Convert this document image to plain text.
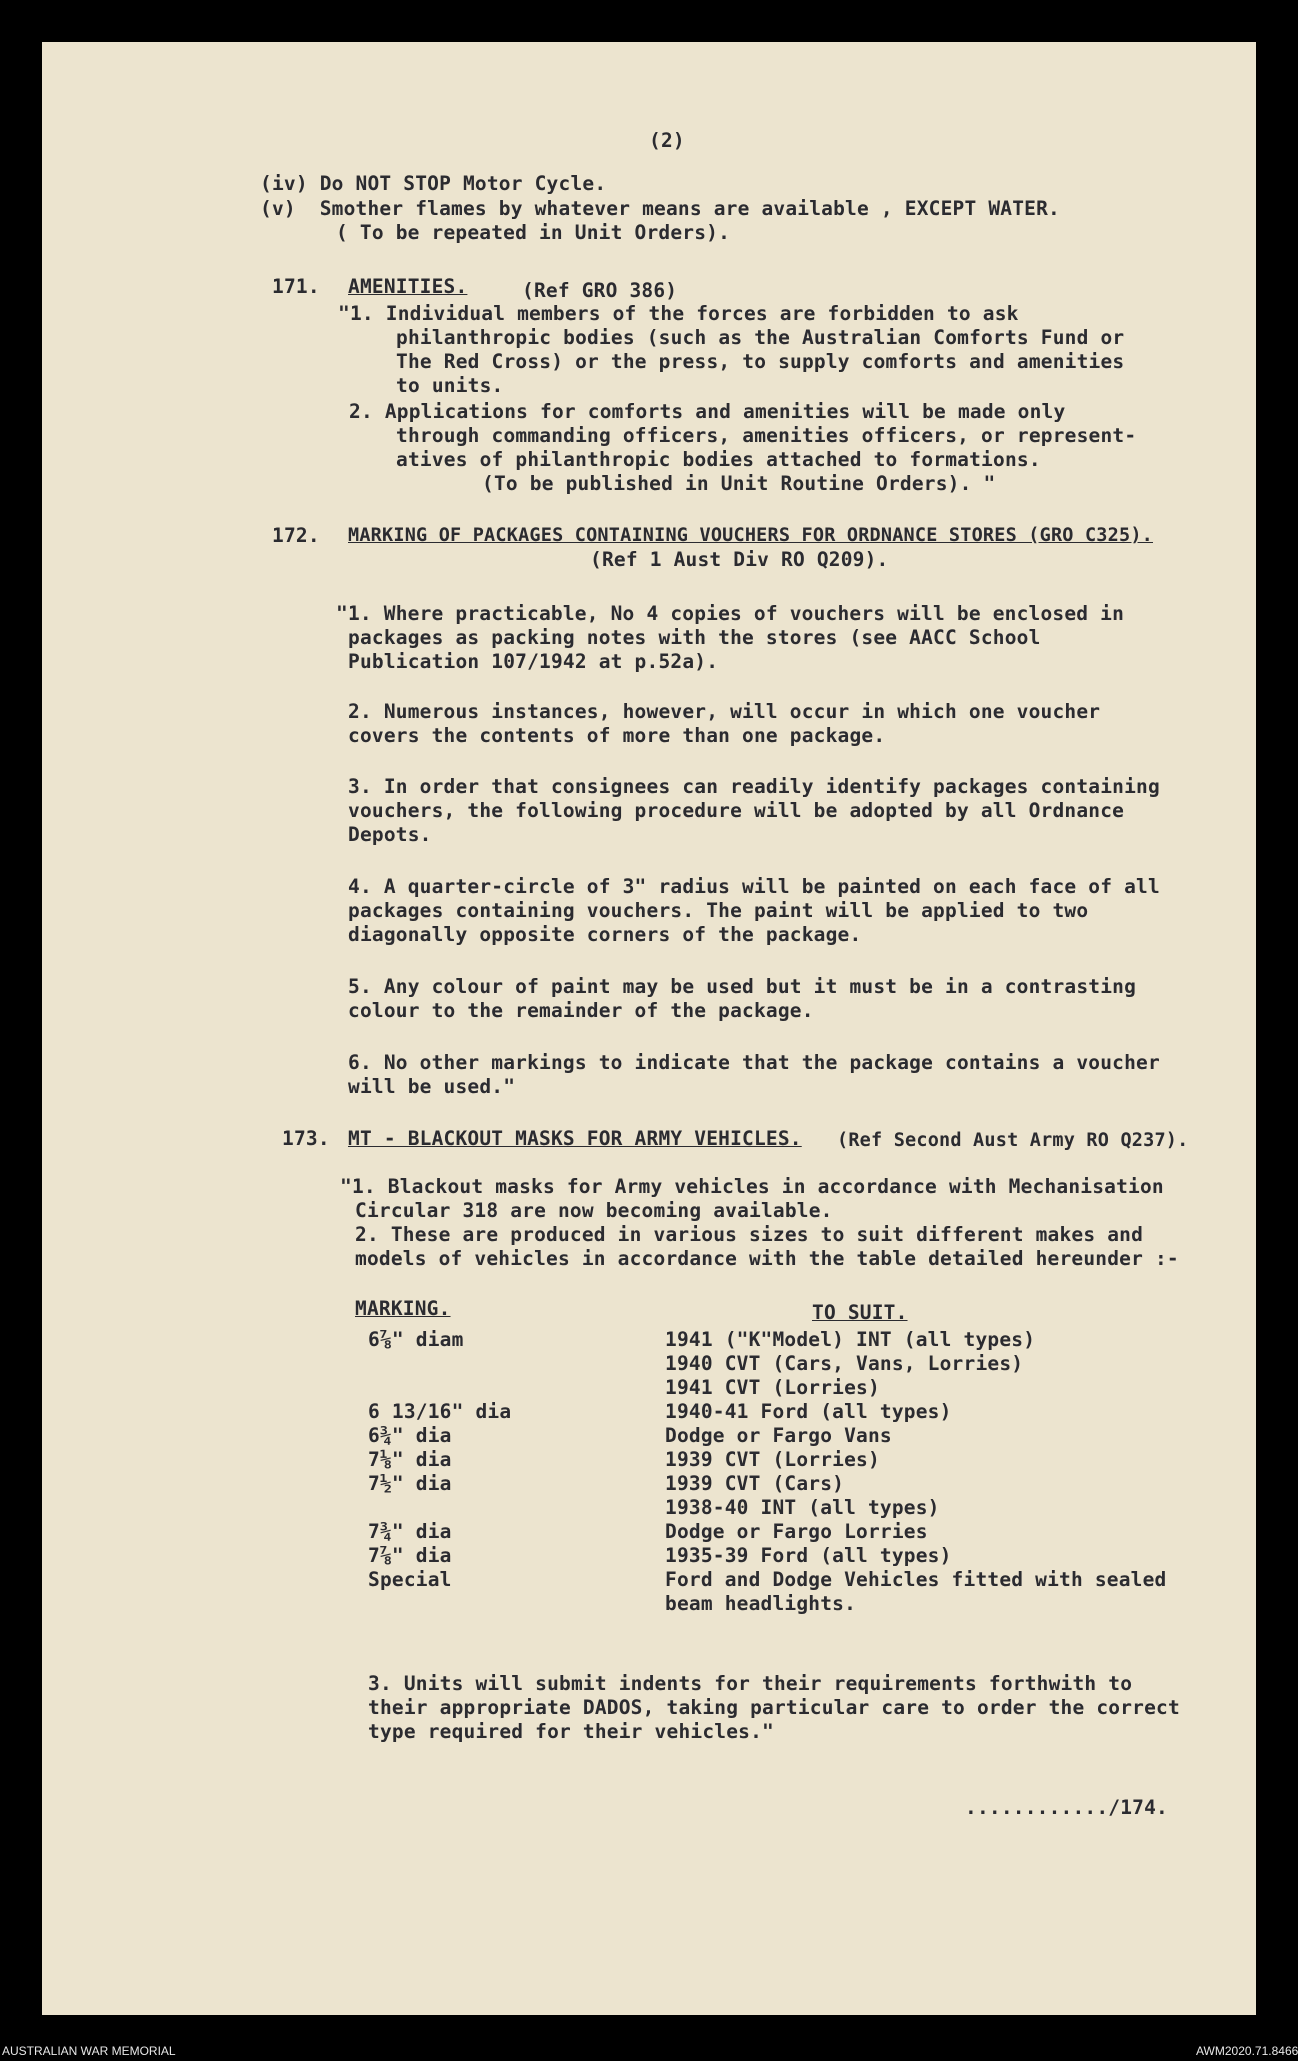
(2)
(iv) Do NOT STOP Motor Cycle.
(v)  Smother flames by whatever means are available , EXCEPT WATER.
( To be repeated in Unit Orders).
171. AMENITIES.	(Ref GRO 386)
"1. Individual members of the forces are forbidden to ask
philanthropic bodies (such as the Australian Comforts Fund or
The Red Cross) or the press, to supply comforts and amenities
to units.
2. Applications for comforts and amenities will be made only
through commanding officers, amenities officers, or represent-
atives of philanthropic bodies attached to formations.
(To be published in Unit Routine Orders). "
172. MARKING OF PACKAGES CONTAINING VOUCHERS FOR ORDNANCE STORES (GRO C325).
(Ref 1 Aust Div RO Q209).
"1. Where practicable, No 4 copies of vouchers will be enclosed in
packages as packing notes with the stores (see AACC School
Publication 107/1942 at p.52a).
2. Numerous instances, however, will occur in which one voucher
covers the contents of more than one package.
3. In order that consignees can readily identify packages containing
vouchers, the following procedure will be adopted by all Ordnance
Depots.
4. A quarter-circle of 3" radius will be painted on each face of all
packages containing vouchers. The paint will be applied to two
diagonally opposite corners of the package.
5. Any colour of paint may be used but it must be in a contrasting
colour to the remainder of the package.
6. No other markings to indicate that the package contains a voucher
will be used."
173. MT - BLACKOUT MASKS FOR ARMY VEHICLES. (Ref Second Aust Army RO Q237).
"1. Blackout masks for Army vehicles in accordance with Mechanisation
Circular 318 are now becoming available.
2. These are produced in various sizes to suit different makes and
models of vehicles in accordance with the table detailed hereunder :-
MARKING.	TO SUIT.
6⅞" diam	1941 ("K"Model) INT (all types)
1940 CVT (Cars, Vans, Lorries)
1941 CVT (Lorries)
6 13/16" dia	1940-41 Ford (all types)
6¾" dia	Dodge or Fargo Vans
7⅛" dia	1939 CVT (Lorries)
7½" dia	1939 CVT (Cars)
1938-40 INT (all types)
7¾" dia	Dodge or Fargo Lorries
7⅞" dia	1935-39 Ford (all types)
Special	Ford and Dodge Vehicles fitted with sealed
beam headlights.
3. Units will submit indents for their requirements forthwith to
their appropriate DADOS, taking particular care to order the correct
type required for their vehicles."
............/174.
AUSTRALIAN WAR MEMORIAL	AWM2020.71.8466
